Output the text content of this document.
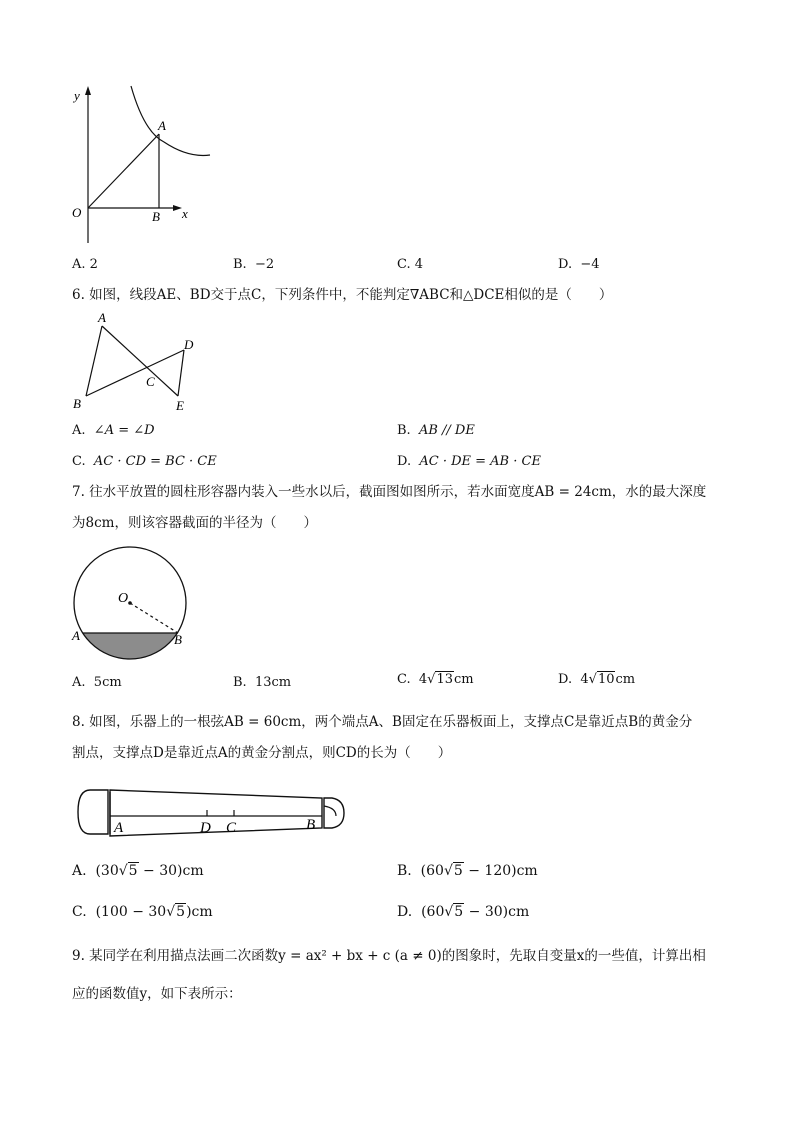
y
x
O
A
B
A. 2	B. −2	C. 4	D. −4
6. 如图，线段AE、BD交于点C，下列条件中，不能判定∇ABC和△DCE相似的是（　　）
A
B
C
D
E
A. ∠A = ∠D	B. AB // DE
C. AC · CD = BC · CE	D. AC · DE = AB · CE
7. 往水平放置的圆柱形容器内装入一些水以后，截面图如图所示，若水面宽度AB = 24cm，水的最大深度
为8cm，则该容器截面的半径为（　　）
O
A	B
A. 5cm	B. 13cm	C. 4√13cm	D. 4√10cm
8. 如图，乐器上的一根弦AB = 60cm，两个端点A、B固定在乐器板面上，支撑点C是靠近点B的黄金分
割点，支撑点D是靠近点A的黄金分割点，则CD的长为（　　）
A	D C	B
A. (30√5 − 30)cm	B. (60√5 − 120)cm
C. (100 − 30√5)cm	D. (60√5 − 30)cm
9. 某同学在利用描点法画二次函数y = ax² + bx + c (a ≠ 0)的图象时，先取自变量x的一些值，计算出相
应的函数值y，如下表所示：
